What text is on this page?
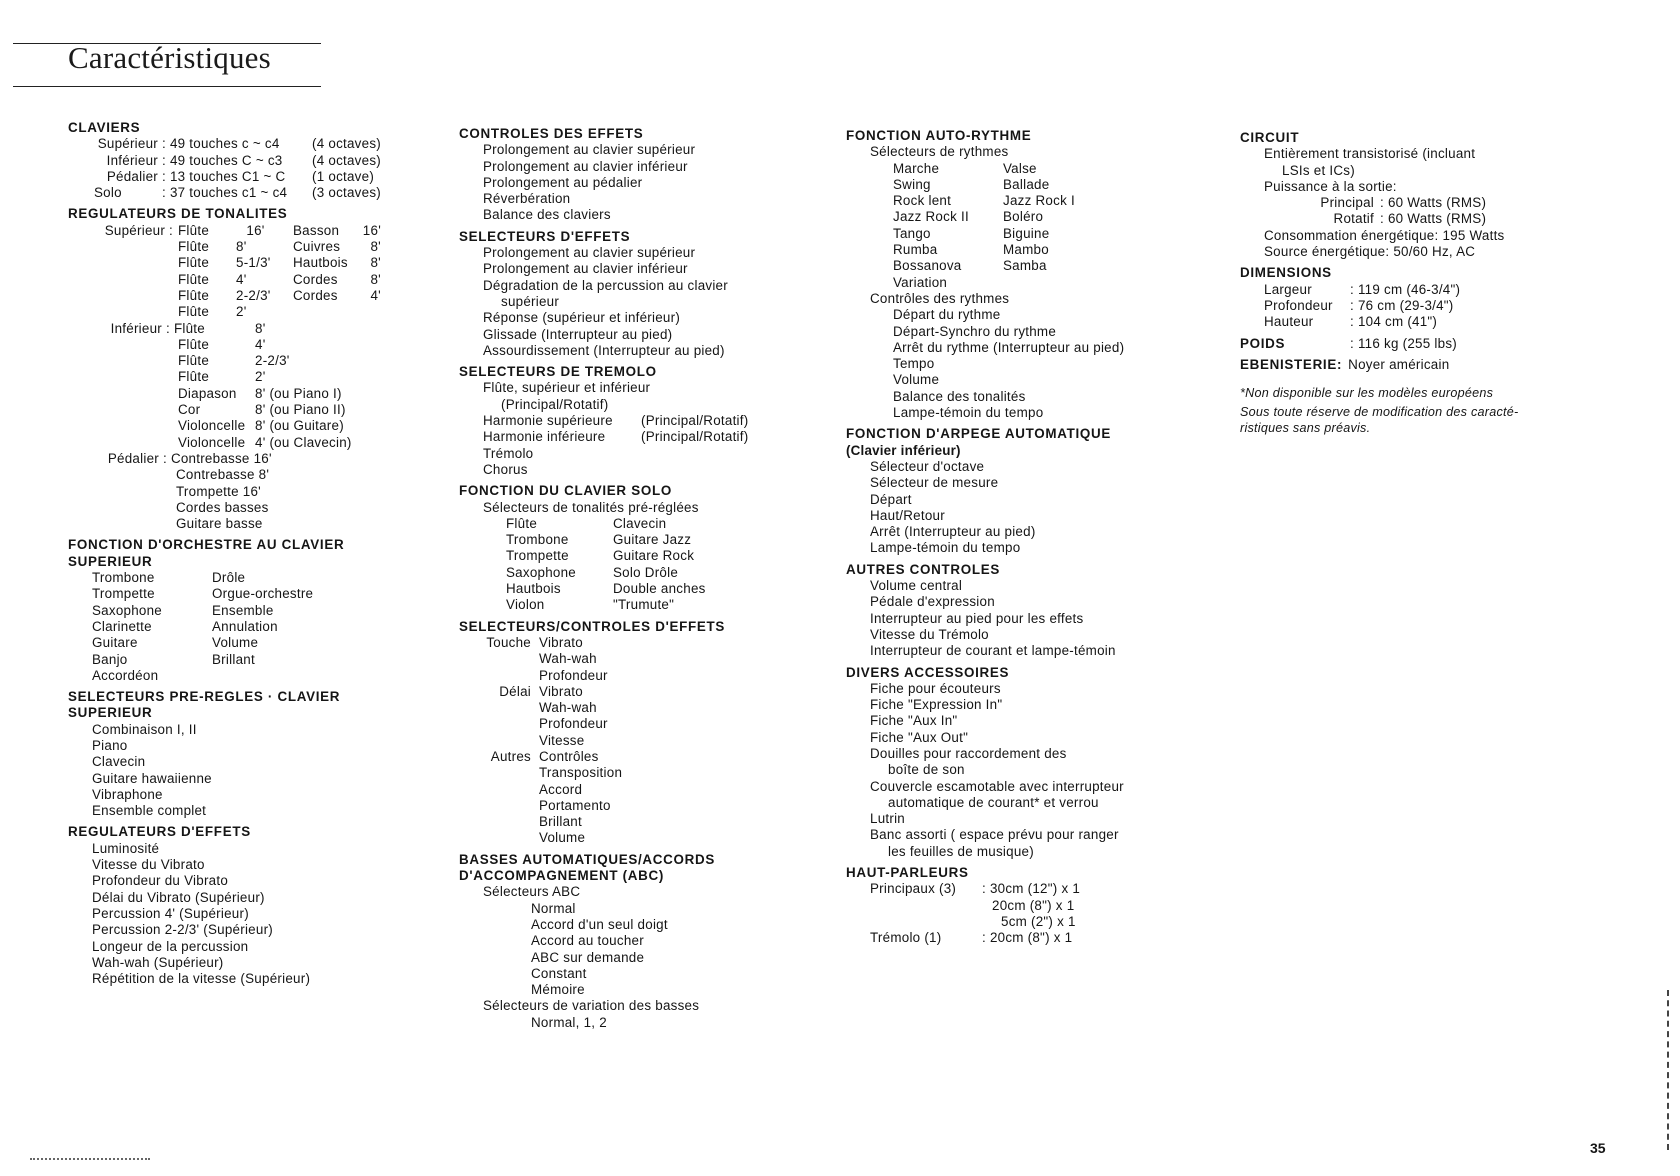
Caractéristiques
CLAVIERS
Supérieur : 49 touches c ~ c4	(4 octaves)
Inférieur : 49 touches C ~ c3	(4 octaves)
Pédalier : 13 touches C1 ~ C	(1 octave)
Solo	: 37 touches c1 ~ c4	(3 octaves)
REGULATEURS DE TONALITES
Supérieur : Flûte	16'	Basson	16'
Flûte	8'	Cuivres	8'
Flûte	5-1/3'	Hautbois	8'
Flûte	4'	Cordes	8'
Flûte	2-2/3'	Cordes	4'
Flûte	2'
Inférieur : Flûte	8'
Flûte	4'
Flûte	2-2/3'
Flûte	2'
Diapason	8' (ou Piano I)
Cor	8' (ou Piano II)
Violoncelle 8' (ou Guitare)
Violoncelle 4' (ou Clavecin)
Pédalier : Contrebasse 16'
Contrebasse 8'
Trompette 16'
Cordes basses
Guitare basse
FONCTION D'ORCHESTRE AU CLAVIER
SUPERIEUR
Trombone	Drôle
Trompette	Orgue-orchestre
Saxophone	Ensemble
Clarinette	Annulation
Guitare	Volume
Banjo	Brillant
Accordéon
SELECTEURS PRE-REGLES · CLAVIER
SUPERIEUR
Combinaison I, II
Piano
Clavecin
Guitare hawaiienne
Vibraphone
Ensemble complet
REGULATEURS D'EFFETS
Luminosité
Vitesse du Vibrato
Profondeur du Vibrato
Délai du Vibrato (Supérieur)
Percussion 4' (Supérieur)
Percussion 2-2/3' (Supérieur)
Longeur de la percussion
Wah-wah (Supérieur)
Répétition de la vitesse (Supérieur)
CONTROLES DES EFFETS
Prolongement au clavier supérieur
Prolongement au clavier inférieur
Prolongement au pédalier
Réverbération
Balance des claviers
SELECTEURS D'EFFETS
Prolongement au clavier supérieur
Prolongement au clavier inférieur
Dégradation de la percussion au clavier
supérieur
Réponse (supérieur et inférieur)
Glissade (Interrupteur au pied)
Assourdissement (Interrupteur au pied)
SELECTEURS DE TREMOLO
Flûte, supérieur et inférieur
(Principal/Rotatif)
Harmonie supérieure	(Principal/Rotatif)
Harmonie inférieure	(Principal/Rotatif)
Trémolo
Chorus
FONCTION DU CLAVIER SOLO
Sélecteurs de tonalités pré-réglées
Flûte	Clavecin
Trombone	Guitare Jazz
Trompette	Guitare Rock
Saxophone	Solo Drôle
Hautbois	Double anches
Violon	"Trumute"
SELECTEURS/CONTROLES D'EFFETS
Touche Vibrato
Wah-wah
Profondeur
Délai Vibrato
Wah-wah
Profondeur
Vitesse
Autres Contrôles
Transposition
Accord
Portamento
Brillant
Volume
BASSES AUTOMATIQUES/ACCORDS
D'ACCOMPAGNEMENT (ABC)
Sélecteurs ABC
Normal
Accord d'un seul doigt
Accord au toucher
ABC sur demande
Constant
Mémoire
Sélecteurs de variation des basses
Normal, 1, 2
FONCTION AUTO-RYTHME
Sélecteurs de rythmes
Marche	Valse
Swing	Ballade
Rock lent	Jazz Rock I
Jazz Rock II	Boléro
Tango	Biguine
Rumba	Mambo
Bossanova	Samba
Variation
Contrôles des rythmes
Départ du rythme
Départ-Synchro du rythme
Arrêt du rythme (Interrupteur au pied)
Tempo
Volume
Balance des tonalités
Lampe-témoin du tempo
FONCTION D'ARPEGE AUTOMATIQUE
(Clavier inférieur)
Sélecteur d'octave
Sélecteur de mesure
Départ
Haut/Retour
Arrêt (Interrupteur au pied)
Lampe-témoin du tempo
AUTRES CONTROLES
Volume central
Pédale d'expression
Interrupteur au pied pour les effets
Vitesse du Trémolo
Interrupteur de courant et lampe-témoin
DIVERS ACCESSOIRES
Fiche pour écouteurs
Fiche "Expression In"
Fiche "Aux In"
Fiche "Aux Out"
Douilles pour raccordement des
boîte de son
Couvercle escamotable avec interrupteur
automatique de courant* et verrou
Lutrin
Banc assorti ( espace prévu pour ranger
les feuilles de musique)
HAUT-PARLEURS
Principaux (3)	: 30cm (12") x 1
20cm (8") x 1
5cm (2") x 1
Trémolo (1)	: 20cm (8") x 1
CIRCUIT
Entièrement transistorisé (incluant
LSIs et ICs)
Puissance à la sortie:
Principal : 60 Watts (RMS)
Rotatif : 60 Watts (RMS)
Consommation énergétique: 195 Watts
Source énergétique: 50/60 Hz, AC
DIMENSIONS
Largeur	: 119 cm (46-3/4")
Profondeur	: 76 cm (29-3/4")
Hauteur	: 104 cm (41")
POIDS	: 116 kg (255 lbs)
EBENISTERIE: Noyer américain
*Non disponible sur les modèles européens
Sous toute réserve de modification des caracté-
ristiques sans préavis.
35
